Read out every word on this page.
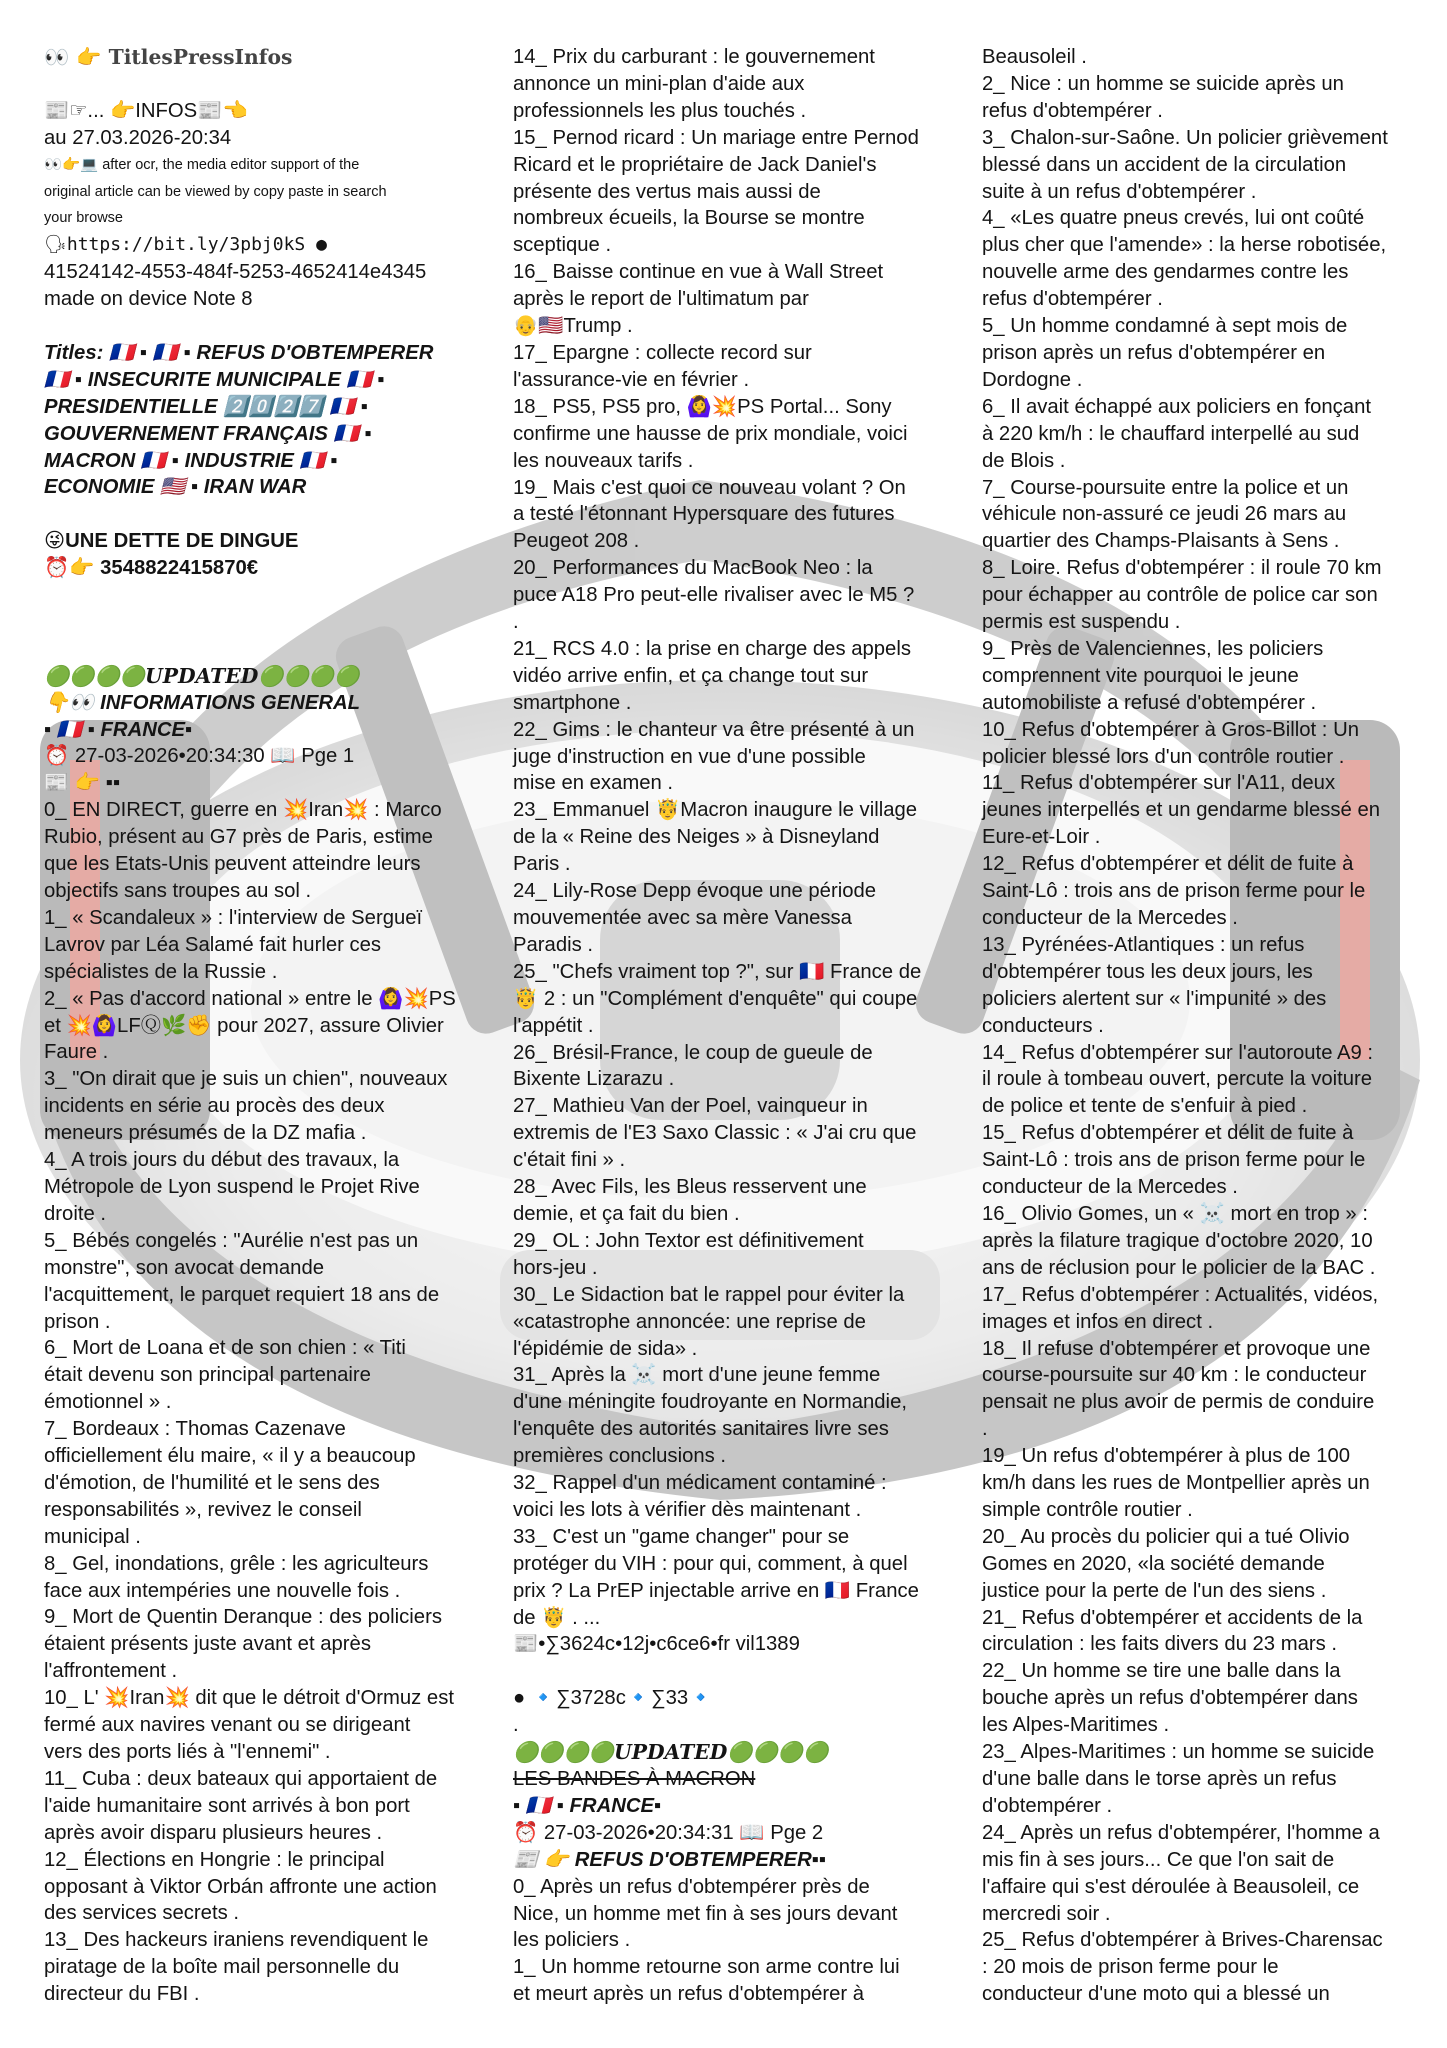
👀 👉 TitlesPressInfos
📰☞... 👉INFOS📰👈
au 27.03.2026-20:34
👀👉💻 after ocr, the media editor support of the
original article can be viewed by copy paste in search
your browse
🗣https://bit.ly/3pbj0kS ●
41524142-4553-484f-5253-4652414e4345
made on device Note 8
Titles: 🇫🇷 ▪ 🇫🇷 ▪ REFUS D'OBTEMPERER
🇫🇷 ▪ INSECURITE MUNICIPALE 🇫🇷 ▪
PRESIDENTIELLE 2️⃣0️⃣2️⃣7️⃣ 🇫🇷 ▪
GOUVERNEMENT FRANÇAIS 🇫🇷 ▪
MACRON 🇫🇷 ▪ INDUSTRIE 🇫🇷 ▪
ECONOMIE 🇺🇸 ▪ IRAN WAR
😜UNE DETTE DE DINGUE
⏰👉 3548822415870€
🟢🟢🟢🟢UPDATED🟢🟢🟢🟢
👇👀 INFORMATIONS GENERAL
▪ 🇫🇷 ▪ FRANCE▪
⏰ 27-03-2026•20:34:30 📖 Pge 1
📰 👉 ▪▪
0_ EN DIRECT, guerre en 💥Iran💥 : Marco
Rubio, présent au G7 près de Paris, estime
que les Etats-Unis peuvent atteindre leurs
objectifs sans troupes au sol .
1_ « Scandaleux » : l'interview de Sergueï
Lavrov par Léa Salamé fait hurler ces
spécialistes de la Russie .
2_ « Pas d'accord national » entre le 🙆‍♀️💥PS
et 💥🙆‍♀️LFⓆ🌿✊ pour 2027, assure Olivier
Faure .
3_ "On dirait que je suis un chien", nouveaux
incidents en série au procès des deux
meneurs présumés de la DZ mafia .
4_ A trois jours du début des travaux, la
Métropole de Lyon suspend le Projet Rive
droite .
5_ Bébés congelés : "Aurélie n'est pas un
monstre", son avocat demande
l'acquittement, le parquet requiert 18 ans de
prison .
6_ Mort de Loana et de son chien : « Titi
était devenu son principal partenaire
émotionnel » .
7_ Bordeaux : Thomas Cazenave
officiellement élu maire, « il y a beaucoup
d'émotion, de l'humilité et le sens des
responsabilités », revivez le conseil
municipal .
8_ Gel, inondations, grêle : les agriculteurs
face aux intempéries une nouvelle fois .
9_ Mort de Quentin Deranque : des policiers
étaient présents juste avant et après
l'affrontement .
10_ L' 💥Iran💥 dit que le détroit d'Ormuz est
fermé aux navires venant ou se dirigeant
vers des ports liés à "l'ennemi" .
11_ Cuba : deux bateaux qui apportaient de
l'aide humanitaire sont arrivés à bon port
après avoir disparu plusieurs heures .
12_ Élections en Hongrie : le principal
opposant à Viktor Orbán affronte une action
des services secrets .
13_ Des hackeurs iraniens revendiquent le
piratage de la boîte mail personnelle du
directeur du FBI .
14_ Prix du carburant : le gouvernement
annonce un mini-plan d'aide aux
professionnels les plus touchés .
15_ Pernod ricard : Un mariage entre Pernod
Ricard et le propriétaire de Jack Daniel's
présente des vertus mais aussi de
nombreux écueils, la Bourse se montre
sceptique .
16_ Baisse continue en vue à Wall Street
après le report de l'ultimatum par
👴🇺🇸Trump .
17_ Epargne : collecte record sur
l'assurance-vie en février .
18_ PS5, PS5 pro, 🙆‍♀️💥PS Portal... Sony
confirme une hausse de prix mondiale, voici
les nouveaux tarifs .
19_ Mais c'est quoi ce nouveau volant ? On
a testé l'étonnant Hypersquare des futures
Peugeot 208 .
20_ Performances du MacBook Neo : la
puce A18 Pro peut-elle rivaliser avec le M5 ?
.
21_ RCS 4.0 : la prise en charge des appels
vidéo arrive enfin, et ça change tout sur
smartphone .
22_ Gims : le chanteur va être présenté à un
juge d'instruction en vue d'une possible
mise en examen .
23_ Emmanuel 🤴Macron inaugure le village
de la « Reine des Neiges » à Disneyland
Paris .
24_ Lily-Rose Depp évoque une période
mouvementée avec sa mère Vanessa
Paradis .
25_ "Chefs vraiment top ?", sur 🇫🇷 France de
🤴 2 : un "Complément d'enquête" qui coupe
l'appétit .
26_ Brésil-France, le coup de gueule de
Bixente Lizarazu .
27_ Mathieu Van der Poel, vainqueur in
extremis de l'E3 Saxo Classic : « J'ai cru que
c'était fini » .
28_ Avec Fils, les Bleus resservent une
demie, et ça fait du bien .
29_ OL : John Textor est définitivement
hors-jeu .
30_ Le Sidaction bat le rappel pour éviter la
«catastrophe annoncée: une reprise de
l'épidémie de sida» .
31_ Après la ☠️ mort d'une jeune femme
d'une méningite foudroyante en Normandie,
l'enquête des autorités sanitaires livre ses
premières conclusions .
32_ Rappel d'un médicament contaminé :
voici les lots à vérifier dès maintenant .
33_ C'est un "game changer" pour se
protéger du VIH : pour qui, comment, à quel
prix ? La PrEP injectable arrive en 🇫🇷 France
de 🤴 . ...
📰•∑3624c•12j•c6ce6•fr vil1389
● 🔹∑3728c🔹∑33🔹
.
🟢🟢🟢🟢UPDATED🟢🟢🟢🟢
LES BANDES À MACRON
▪ 🇫🇷 ▪ FRANCE▪
⏰ 27-03-2026•20:34:31 📖 Pge 2
📰 👉 REFUS D'OBTEMPERER▪▪
0_ Après un refus d'obtempérer près de
Nice, un homme met fin à ses jours devant
les policiers .
1_ Un homme retourne son arme contre lui
et meurt après un refus d'obtempérer à
Beausoleil .
2_ Nice : un homme se suicide après un
refus d'obtempérer .
3_ Chalon-sur-Saône. Un policier grièvement
blessé dans un accident de la circulation
suite à un refus d'obtempérer .
4_ «Les quatre pneus crevés, lui ont coûté
plus cher que l'amende» : la herse robotisée,
nouvelle arme des gendarmes contre les
refus d'obtempérer .
5_ Un homme condamné à sept mois de
prison après un refus d'obtempérer en
Dordogne .
6_ Il avait échappé aux policiers en fonçant
à 220 km/h : le chauffard interpellé au sud
de Blois .
7_ Course-poursuite entre la police et un
véhicule non-assuré ce jeudi 26 mars au
quartier des Champs-Plaisants à Sens .
8_ Loire. Refus d'obtempérer : il roule 70 km
pour échapper au contrôle de police car son
permis est suspendu .
9_ Près de Valenciennes, les policiers
comprennent vite pourquoi le jeune
automobiliste a refusé d'obtempérer .
10_ Refus d'obtempérer à Gros-Billot : Un
policier blessé lors d'un contrôle routier .
11_ Refus d'obtempérer sur l'A11, deux
jeunes interpellés et un gendarme blessé en
Eure-et-Loir .
12_ Refus d'obtempérer et délit de fuite à
Saint-Lô : trois ans de prison ferme pour le
conducteur de la Mercedes .
13_ Pyrénées-Atlantiques : un refus
d'obtempérer tous les deux jours, les
policiers alertent sur « l'impunité » des
conducteurs .
14_ Refus d'obtempérer sur l'autoroute A9 :
il roule à tombeau ouvert, percute la voiture
de police et tente de s'enfuir à pied .
15_ Refus d'obtempérer et délit de fuite à
Saint-Lô : trois ans de prison ferme pour le
conducteur de la Mercedes .
16_ Olivio Gomes, un « ☠️ mort en trop » :
après la filature tragique d'octobre 2020, 10
ans de réclusion pour le policier de la BAC .
17_ Refus d'obtempérer : Actualités, vidéos,
images et infos en direct .
18_ Il refuse d'obtempérer et provoque une
course-poursuite sur 40 km : le conducteur
pensait ne plus avoir de permis de conduire
.
19_ Un refus d'obtempérer à plus de 100
km/h dans les rues de Montpellier après un
simple contrôle routier .
20_ Au procès du policier qui a tué Olivio
Gomes en 2020, «la société demande
justice pour la perte de l'un des siens .
21_ Refus d'obtempérer et accidents de la
circulation : les faits divers du 23 mars .
22_ Un homme se tire une balle dans la
bouche après un refus d'obtempérer dans
les Alpes-Maritimes .
23_ Alpes-Maritimes : un homme se suicide
d'une balle dans le torse après un refus
d'obtempérer .
24_ Après un refus d'obtempérer, l'homme a
mis fin à ses jours... Ce que l'on sait de
l'affaire qui s'est déroulée à Beausoleil, ce
mercredi soir .
25_ Refus d'obtempérer à Brives-Charensac
: 20 mois de prison ferme pour le
conducteur d'une moto qui a blessé un
